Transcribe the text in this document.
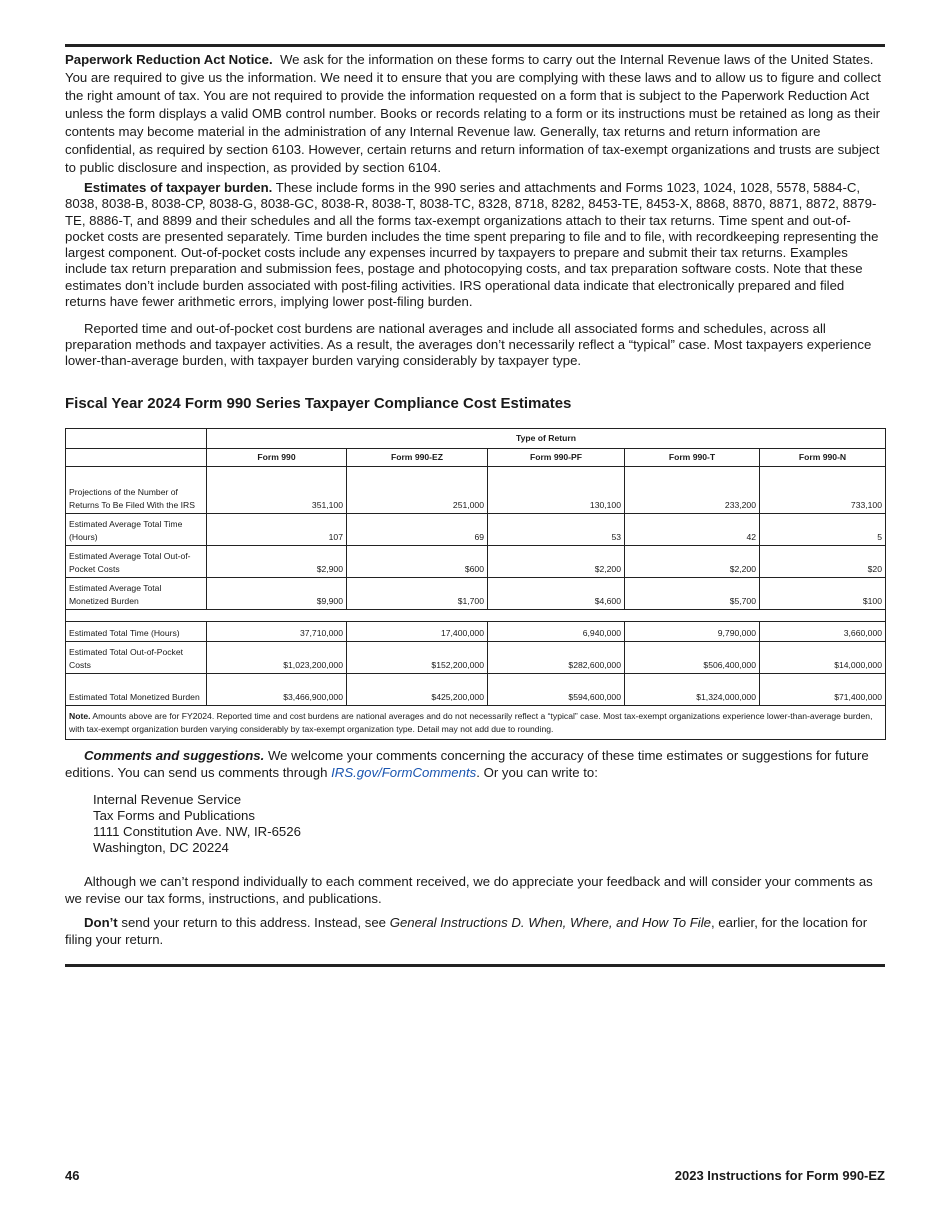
Paperwork Reduction Act Notice. We ask for the information on these forms to carry out the Internal Revenue laws of the United States. You are required to give us the information. We need it to ensure that you are complying with these laws and to allow us to figure and collect the right amount of tax. You are not required to provide the information requested on a form that is subject to the Paperwork Reduction Act unless the form displays a valid OMB control number. Books or records relating to a form or its instructions must be retained as long as their contents may become material in the administration of any Internal Revenue law. Generally, tax returns and return information are confidential, as required by section 6103. However, certain returns and return information of tax-exempt organizations and trusts are subject to public disclosure and inspection, as provided by section 6104.

Estimates of taxpayer burden. These include forms in the 990 series and attachments and Forms 1023, 1024, 1028, 5578, 5884-C, 8038, 8038-B, 8038-CP, 8038-G, 8038-GC, 8038-R, 8038-T, 8038-TC, 8328, 8718, 8282, 8453-TE, 8453-X, 8868, 8870, 8871, 8872, 8879-TE, 8886-T, and 8899 and their schedules and all the forms tax-exempt organizations attach to their tax returns. Time spent and out-of-pocket costs are presented separately. Time burden includes the time spent preparing to file and to file, with recordkeeping representing the largest component. Out-of-pocket costs include any expenses incurred by taxpayers to prepare and submit their tax returns. Examples include tax return preparation and submission fees, postage and photocopying costs, and tax preparation software costs. Note that these estimates don’t include burden associated with post-filing activities. IRS operational data indicate that electronically prepared and filed returns have fewer arithmetic errors, implying lower post-filing burden.

Reported time and out-of-pocket cost burdens are national averages and include all associated forms and schedules, across all preparation methods and taxpayer activities. As a result, the averages don’t necessarily reflect a “typical” case. Most taxpayers experience lower-than-average burden, with taxpayer burden varying considerably by taxpayer type.

Fiscal Year 2024 Form 990 Series Taxpayer Compliance Cost Estimates
	Type of Return				
	Form 990	Form 990-EZ	Form 990-PF	Form 990-T	Form 990-N
Projections of the Number of Returns To Be Filed With the IRS	351,100	251,000	130,100	233,200	733,100
Estimated Average Total Time (Hours)	107	69	53	42	5
Estimated Average Total Out-of-Pocket Costs	$2,900	$600	$2,200	$2,200	$20
Estimated Average Total Monetized Burden	$9,900	$1,700	$4,600	$5,700	$100

Estimated Total Time (Hours)	37,710,000	17,400,000	6,940,000	9,790,000	3,660,000
Estimated Total Out-of-Pocket Costs	$1,023,200,000	$152,200,000	$282,600,000	$506,400,000	$14,000,000
Estimated Total Monetized Burden	$3,466,900,000	$425,200,000	$594,600,000	$1,324,000,000	$71,400,000
Note. Amounts above are for FY2024. Reported time and cost burdens are national averages and do not necessarily reflect a “typical” case. Most tax-exempt organizations experience lower-than-average burden, with tax-exempt organization burden varying considerably by tax-exempt organization type. Detail may not add due to rounding.					

Comments and suggestions. We welcome your comments concerning the accuracy of these time estimates or suggestions for future editions. You can send us comments through IRS.gov/FormComments. Or you can write to:

Internal Revenue Service
Tax Forms and Publications
1111 Constitution Ave. NW, IR-6526
Washington, DC 20224

Although we can’t respond individually to each comment received, we do appreciate your feedback and will consider your comments as we revise our tax forms, instructions, and publications.

Don’t send your return to this address. Instead, see General Instructions D. When, Where, and How To File, earlier, for the location for filing your return.

46	2023 Instructions for Form 990-EZ
